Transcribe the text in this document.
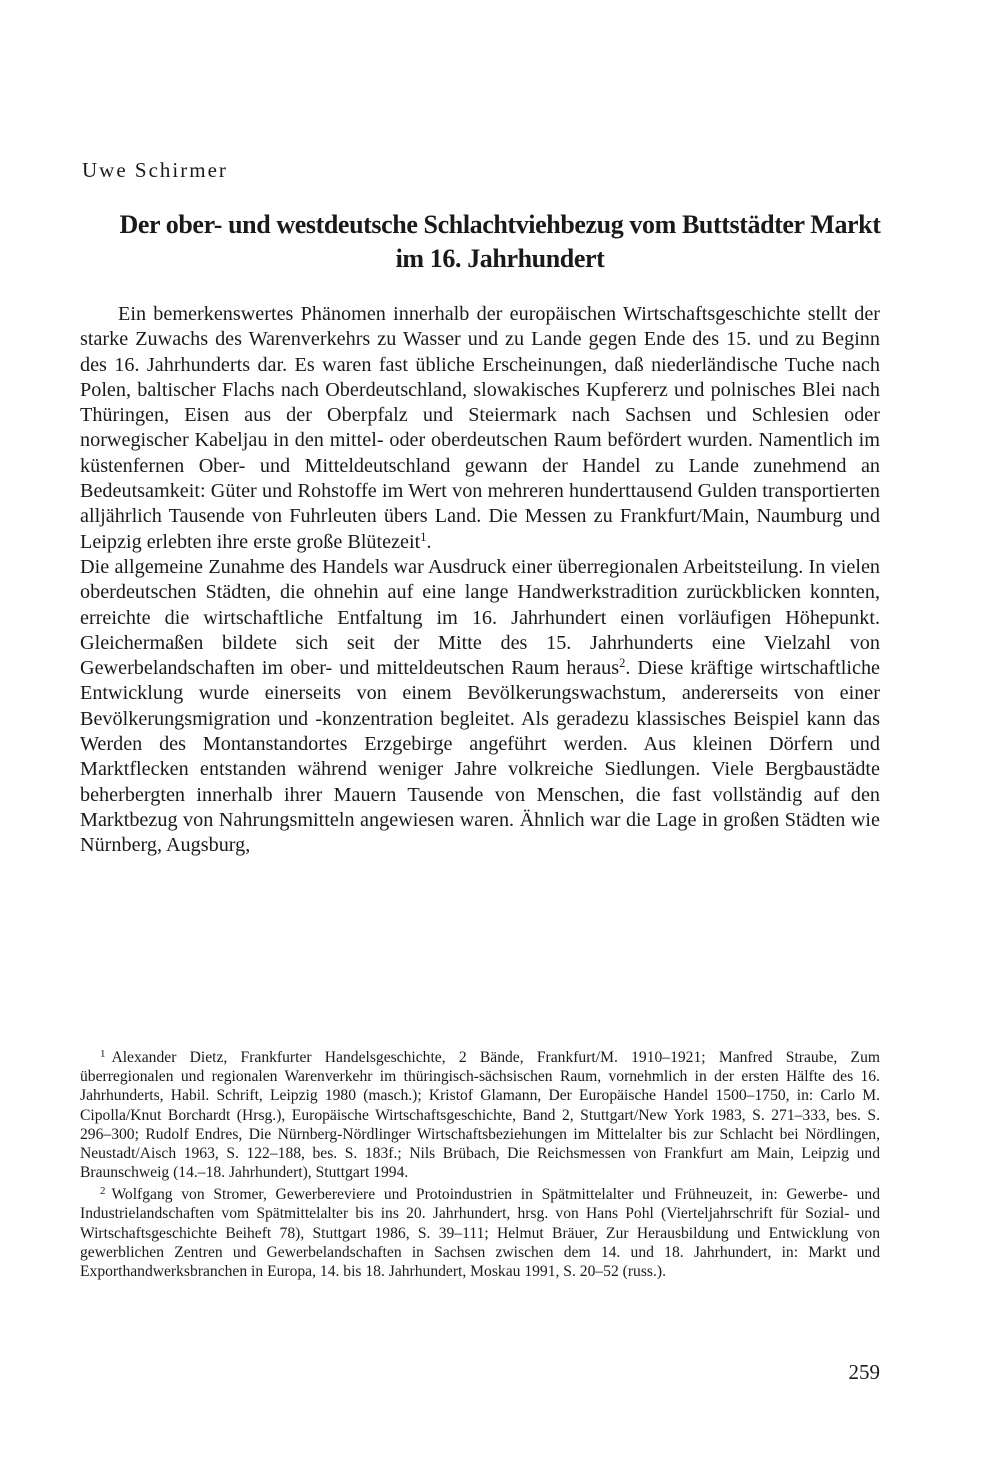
Uwe Schirmer

Der ober- und westdeutsche Schlachtviehbezug vom Buttstädter Markt
im 16. Jahrhundert

Ein bemerkenswertes Phänomen innerhalb der europäischen Wirtschaftsgeschichte stellt der starke Zuwachs des Warenverkehrs zu Wasser und zu Lande gegen Ende des 15. und zu Beginn des 16. Jahrhunderts dar. Es waren fast übliche Erscheinungen, daß niederländische Tuche nach Polen, baltischer Flachs nach Oberdeutschland, slowakisches Kupfererz und polnisches Blei nach Thüringen, Eisen aus der Oberpfalz und Steiermark nach Sachsen und Schlesien oder norwegischer Kabeljau in den mittel- oder oberdeutschen Raum befördert wurden. Namentlich im küstenfernen Ober- und Mitteldeutschland gewann der Handel zu Lande zunehmend an Bedeutsamkeit: Güter und Rohstoffe im Wert von mehreren hunderttausend Gulden transportierten alljährlich Tausende von Fuhrleuten übers Land. Die Messen zu Frankfurt/Main, Naumburg und Leipzig erlebten ihre erste große Blütezeit$^1$.

Die allgemeine Zunahme des Handels war Ausdruck einer überregionalen Arbeitsteilung. In vielen oberdeutschen Städten, die ohnehin auf eine lange Handwerkstradition zurückblicken konnten, erreichte die wirtschaftliche Entfaltung im 16. Jahrhundert einen vorläufigen Höhepunkt. Gleichermaßen bildete sich seit der Mitte des 15. Jahrhunderts eine Vielzahl von Gewerbelandschaften im ober- und mitteldeutschen Raum heraus$^2$. Diese kräftige wirtschaftliche Entwicklung wurde einerseits von einem Bevölkerungswachstum, andererseits von einer Bevölkerungsmigration und -konzentration begleitet. Als geradezu klassisches Beispiel kann das Werden des Montanstandortes Erzgebirge angeführt werden. Aus kleinen Dörfern und Marktflecken entstanden während weniger Jahre volkreiche Siedlungen. Viele Bergbaustädte beherbergten innerhalb ihrer Mauern Tausende von Menschen, die fast vollständig auf den Marktbezug von Nahrungsmitteln angewiesen waren. Ähnlich war die Lage in großen Städten wie Nürnberg, Augsburg,

$^1$ Alexander Dietz, Frankfurter Handelsgeschichte, 2 Bände, Frankfurt/M. 1910–1921; Manfred Straube, Zum überregionalen und regionalen Warenverkehr im thüringisch-sächsischen Raum, vornehmlich in der ersten Hälfte des 16. Jahrhunderts, Habil. Schrift, Leipzig 1980 (masch.); Kristof Glamann, Der Europäische Handel 1500–1750, in: Carlo M. Cipolla/Knut Borchardt (Hrsg.), Europäische Wirtschaftsgeschichte, Band 2, Stuttgart/New York 1983, S. 271–333, bes. S. 296–300; Rudolf Endres, Die Nürnberg-Nördlinger Wirtschaftsbeziehungen im Mittelalter bis zur Schlacht bei Nördlingen, Neustadt/Aisch 1963, S. 122–188, bes. S. 183f.; Nils Brübach, Die Reichsmessen von Frankfurt am Main, Leipzig und Braunschweig (14.–18. Jahrhundert), Stuttgart 1994.

$^2$ Wolfgang von Stromer, Gewerbereviere und Protoindustrien in Spätmittelalter und Frühneuzeit, in: Gewerbe- und Industrielandschaften vom Spätmittelalter bis ins 20. Jahrhundert, hrsg. von Hans Pohl (Vierteljahrschrift für Sozial- und Wirtschaftsgeschichte Beiheft 78), Stuttgart 1986, S. 39–111; Helmut Bräuer, Zur Herausbildung und Entwicklung von gewerblichen Zentren und Gewerbelandschaften in Sachsen zwischen dem 14. und 18. Jahrhundert, in: Markt und Exporthandwerksbranchen in Europa, 14. bis 18. Jahrhundert, Moskau 1991, S. 20–52 (russ.).

259
